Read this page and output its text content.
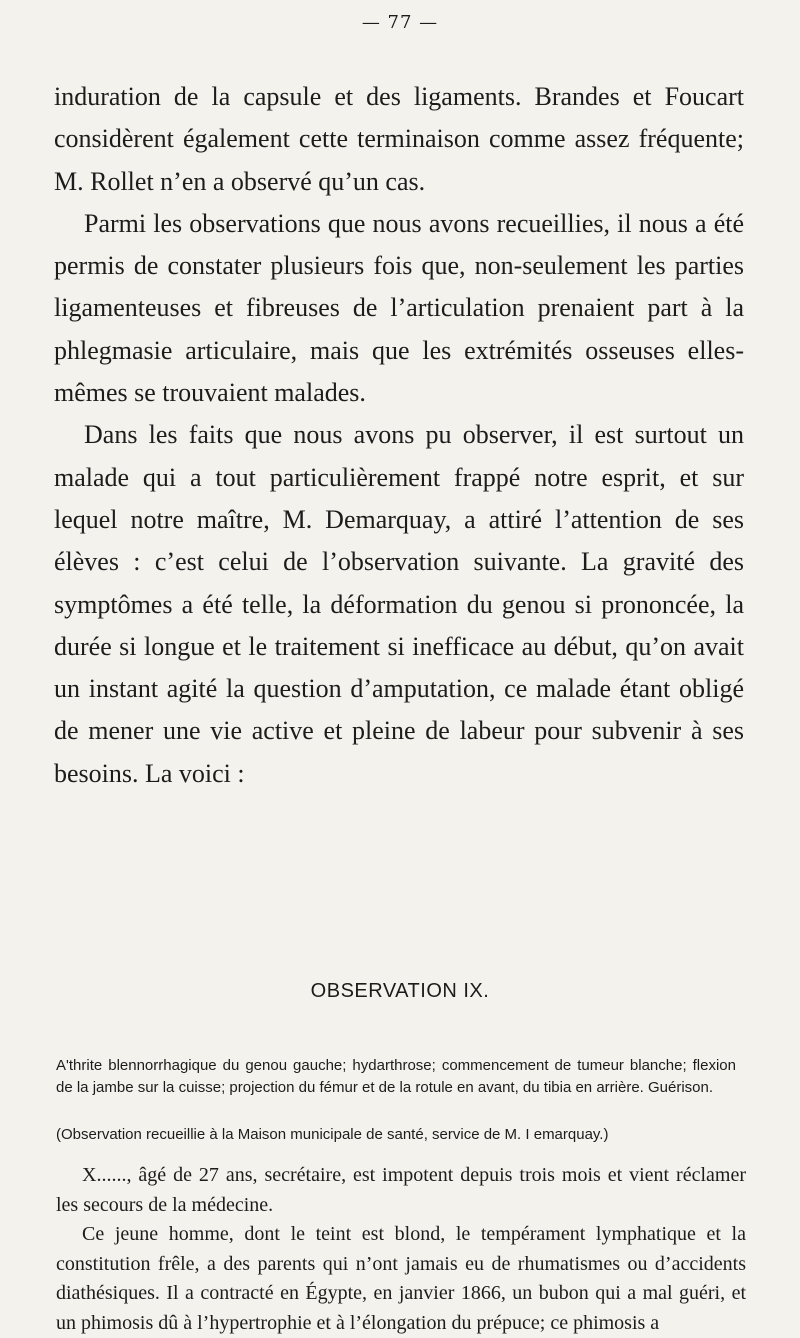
— 77 —

induration de la capsule et des ligaments. Brandes et Foucart considèrent également cette terminaison comme assez fréquente; M. Rollet n’en a observé qu’un cas.

Parmi les observations que nous avons recueillies, il nous a été permis de constater plusieurs fois que, non-seulement les parties ligamenteuses et fibreuses de l’articulation prenaient part à la phlegmasie articulaire, mais que les extrémités osseuses elles-mêmes se trouvaient malades.

Dans les faits que nous avons pu observer, il est surtout un malade qui a tout particulièrement frappé notre esprit, et sur lequel notre maître, M. Demarquay, a attiré l’attention de ses élèves : c’est celui de l’observation suivante. La gravité des symptômes a été telle, la déformation du genou si prononcée, la durée si longue et le traitement si inefficace au début, qu’on avait un instant agité la question d’amputation, ce malade étant obligé de mener une vie active et pleine de labeur pour subvenir à ses besoins. La voici :

OBSERVATION IX.

A'thrite blennorrhagique du genou gauche; hydarthrose; commencement de tumeur blanche; flexion de la jambe sur la cuisse; projection du fémur et de la rotule en avant, du tibia en arrière. Guérison.

(Observation recueillie à la Maison municipale de santé, service de M. I emarquay.)

X......, âgé de 27 ans, secrétaire, est impotent depuis trois mois et vient réclamer les secours de la médecine.

Ce jeune homme, dont le teint est blond, le tempérament lymphatique et la constitution frêle, a des parents qui n’ont jamais eu de rhumatismes ou d’accidents diathésiques. Il a contracté en Égypte, en janvier 1866, un bubon qui a mal guéri, et un phimosis dû à l’hypertrophie et à l’élongation du prépuce; ce phimosis a
